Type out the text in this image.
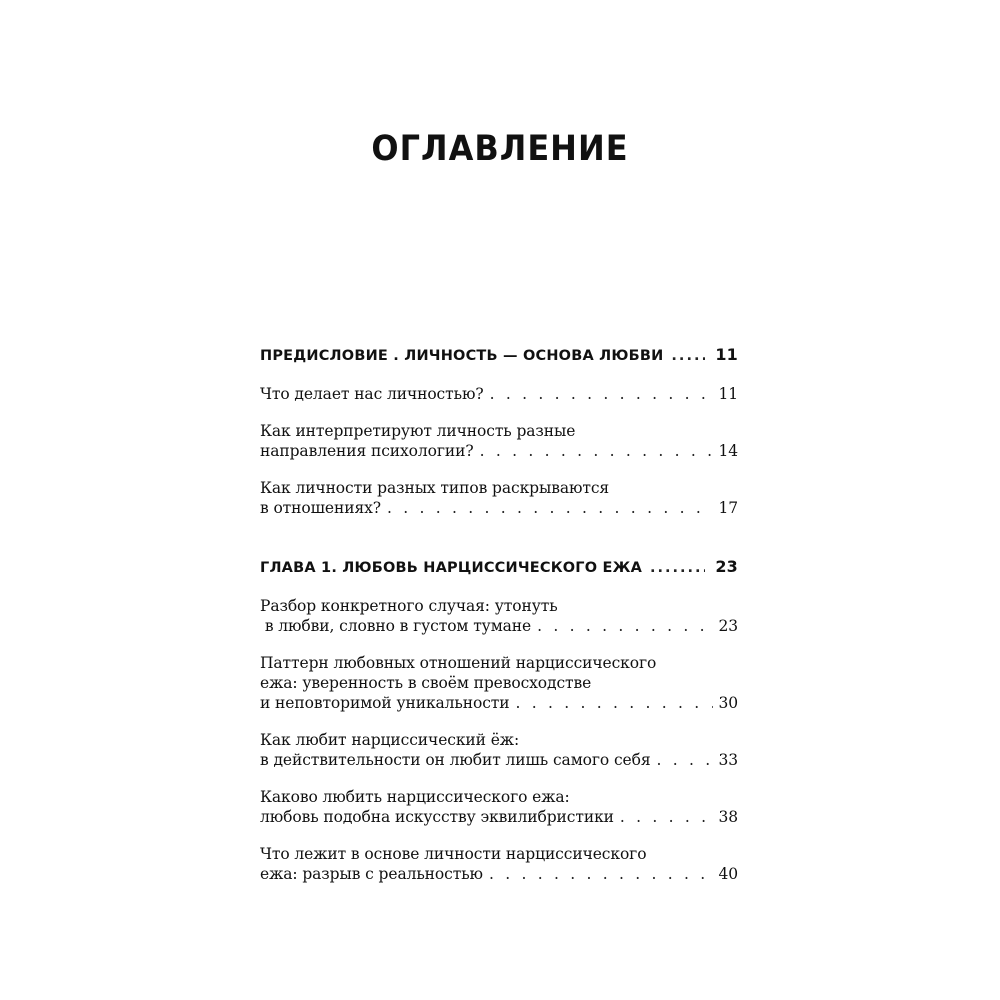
ОГЛАВЛЕНИЕ
ПРЕДИСЛОВИЕ . ЛИЧНОСТЬ — ОСНОВА ЛЮБВИ .....	11
Что делает нас личностью? . . .	11
Как интерпретируют личность разные
направления психологии? . . .	14
Как личности разных типов раскрываются
в отношениях? . . .	17
ГЛАВА 1. ЛЮБОВЬ НАРЦИССИЧЕСКОГО ЕЖА .....	23
Разбор конкретного случая: утонуть
в любви, словно в густом тумане . . .	23
Паттерн любовных отношений нарциссического
ежа: уверенность в своём превосходстве
и неповторимой уникальности . . .	30
Как любит нарциссический ёж:
в действительности он любит лишь самого себя . . .	33
Каково любить нарциссического ежа:
любовь подобна искусству эквилибристики . . .	38
Что лежит в основе личности нарциссического
ежа: разрыв с реальностью . . .	40
